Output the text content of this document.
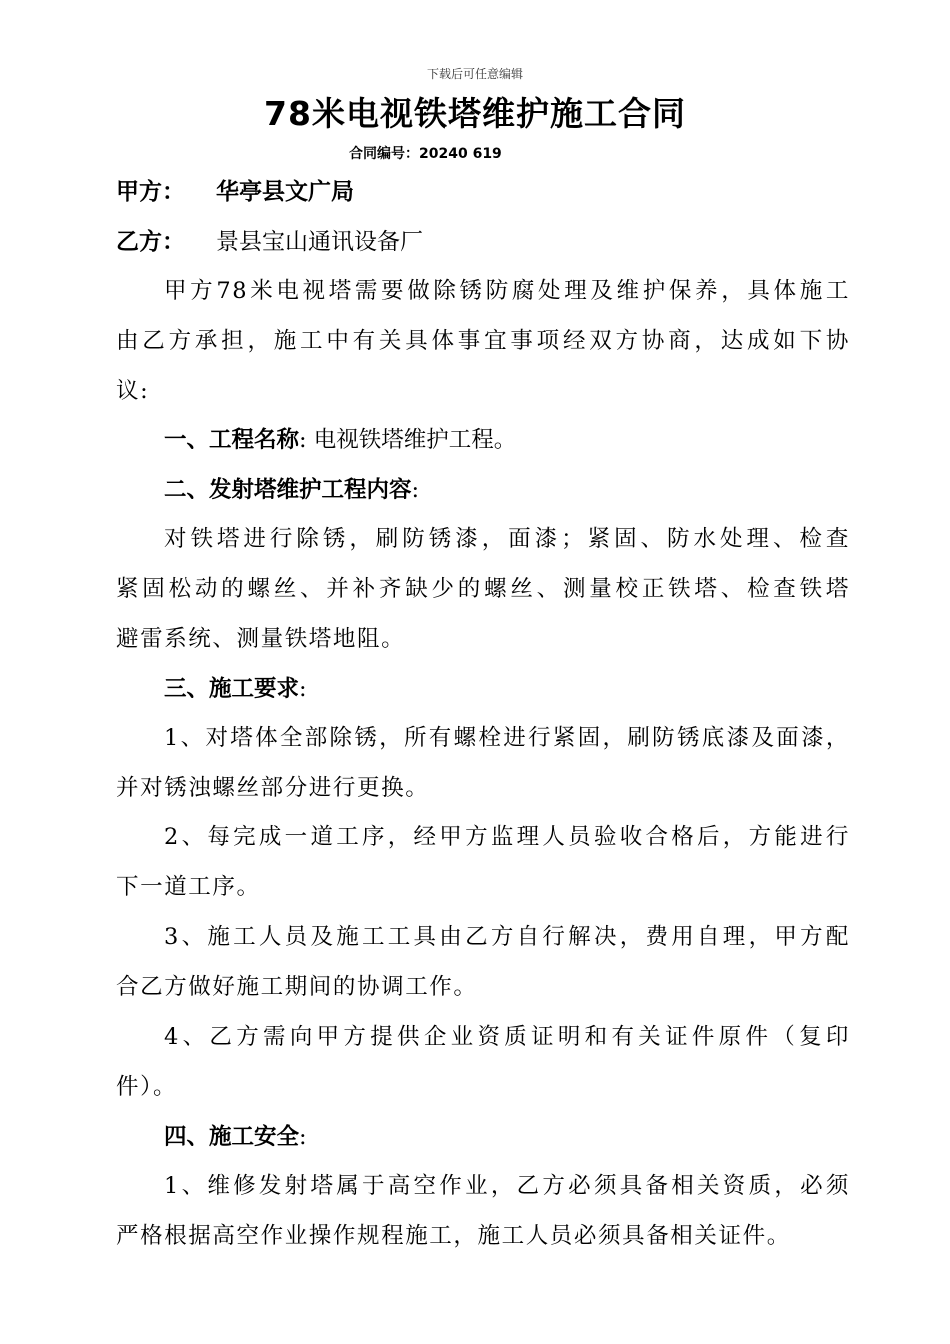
下载后可任意编辑
78米电视铁塔维护施工合同
合同编号：20240 619
甲方： 华亭县文广局
乙方： 景县宝山通讯设备厂
甲方78米电视塔需要做除锈防腐处理及维护保养，具体施工
由乙方承担，施工中有关具体事宜事项经双方协商，达成如下协
议:
一、工程名称: 电视铁塔维护工程。
二、发射塔维护工程内容:
对铁塔进行除锈，刷防锈漆，面漆；紧固、防水处理、检查
紧固松动的螺丝、并补齐缺少的螺丝、测量校正铁塔、检查铁塔
避雷系统、测量铁塔地阻。
三、施工要求:
1、对塔体全部除锈，所有螺栓进行紧固，刷防锈底漆及面漆，
并对锈浊螺丝部分进行更换。
2、每完成一道工序，经甲方监理人员验收合格后，方能进行
下一道工序。
3、施工人员及施工工具由乙方自行解决，费用自理，甲方配
合乙方做好施工期间的协调工作。
4、乙方需向甲方提供企业资质证明和有关证件原件（复印
件）。
四、施工安全:
1、维修发射塔属于高空作业，乙方必须具备相关资质，必须
严格根据高空作业操作规程施工，施工人员必须具备相关证件。
